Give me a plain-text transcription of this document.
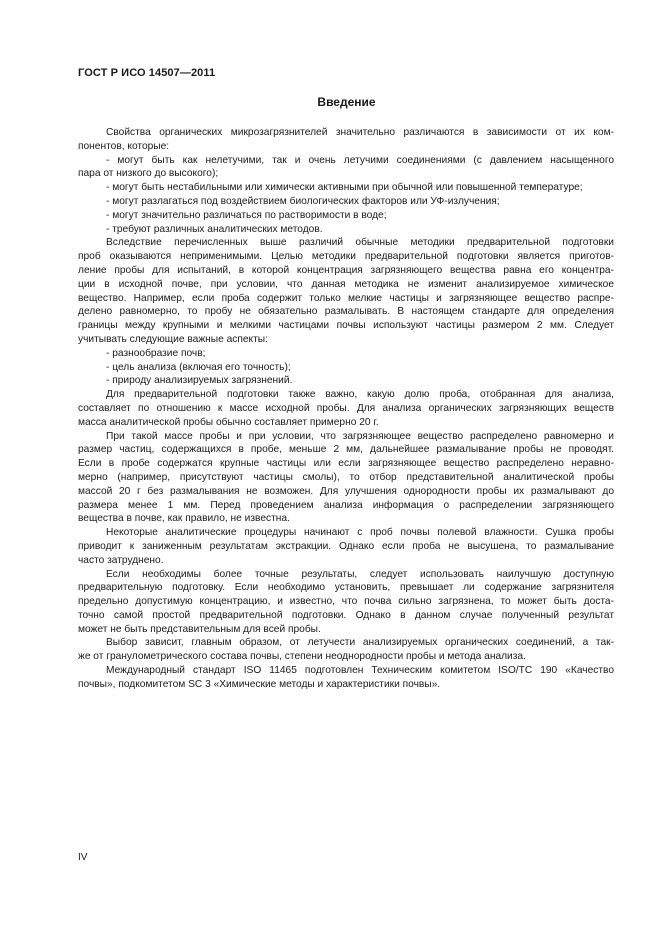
ГОСТ Р ИСО 14507—2011
Введение
Свойства органических микрозагрязнителей значительно различаются в зависимости от их ком-
понентов, которые:
- могут быть как нелетучими, так и очень летучими соединениями (с давлением насыщенного
пара от низкого до высокого);
- могут быть нестабильными или химически активными при обычной или повышенной температуре;
- могут разлагаться под воздействием биологических факторов или УФ-излучения;
- могут значительно различаться по растворимости в воде;
- требуют различных аналитических методов.
Вследствие перечисленных выше различий обычные методики предварительной подготовки
проб оказываются неприменимыми. Целью методики предварительной подготовки является приготов-
ление пробы для испытаний, в которой концентрация загрязняющего вещества равна его концентра-
ции в исходной почве, при условии, что данная методика не изменит анализируемое химическое
вещество. Например, если проба содержит только мелкие частицы и загрязняющее вещество распре-
делено равномерно, то пробу не обязательно размалывать. В настоящем стандарте для определения
границы между крупными и мелкими частицами почвы используют частицы размером 2 мм. Следует
учитывать следующие важные аспекты:
- разнообразие почв;
- цель анализа (включая его точность);
- природу анализируемых загрязнений.
Для предварительной подготовки также важно, какую долю проба, отобранная для анализа,
составляет по отношению к массе исходной пробы. Для анализа органических загрязняющих веществ
масса аналитической пробы обычно составляет примерно 20 г.
При такой массе пробы и при условии, что загрязняющее вещество распределено равномерно и
размер частиц, содержащихся в пробе, меньше 2 мм, дальнейшее размалывание пробы не проводят.
Если в пробе содержатся крупные частицы или если загрязняющее вещество распределено неравно-
мерно (например, присутствуют частицы смолы), то отбор представительной аналитической пробы
массой 20 г без размалывания не возможен. Для улучшения однородности пробы их размалывают до
размера менее 1 мм. Перед проведением анализа информация о распределении загрязняющего
вещества в почве, как правило, не известна.
Некоторые аналитические процедуры начинают с проб почвы полевой влажности. Сушка пробы
приводит к заниженным результатам экстракции. Однако если проба не высушена, то размалывание
часто затруднено.
Если необходимы более точные результаты, следует использовать наилучшую доступную
предварительную подготовку. Если необходимо установить, превышает ли содержание загрязнителя
предельно допустимую концентрацию, и известно, что почва сильно загрязнена, то может быть доста-
точно самой простой предварительной подготовки. Однако в данном случае полученный результат
может не быть представительным для всей пробы.
Выбор зависит, главным образом, от летучести анализируемых органических соединений, а так-
же от гранулометрического состава почвы, степени неоднородности пробы и метода анализа.
Международный стандарт ISO 11465 подготовлен Техническим комитетом ISO/TC 190 «Качество
почвы», подкомитетом SC 3 «Химические методы и характеристики почвы».
IV
